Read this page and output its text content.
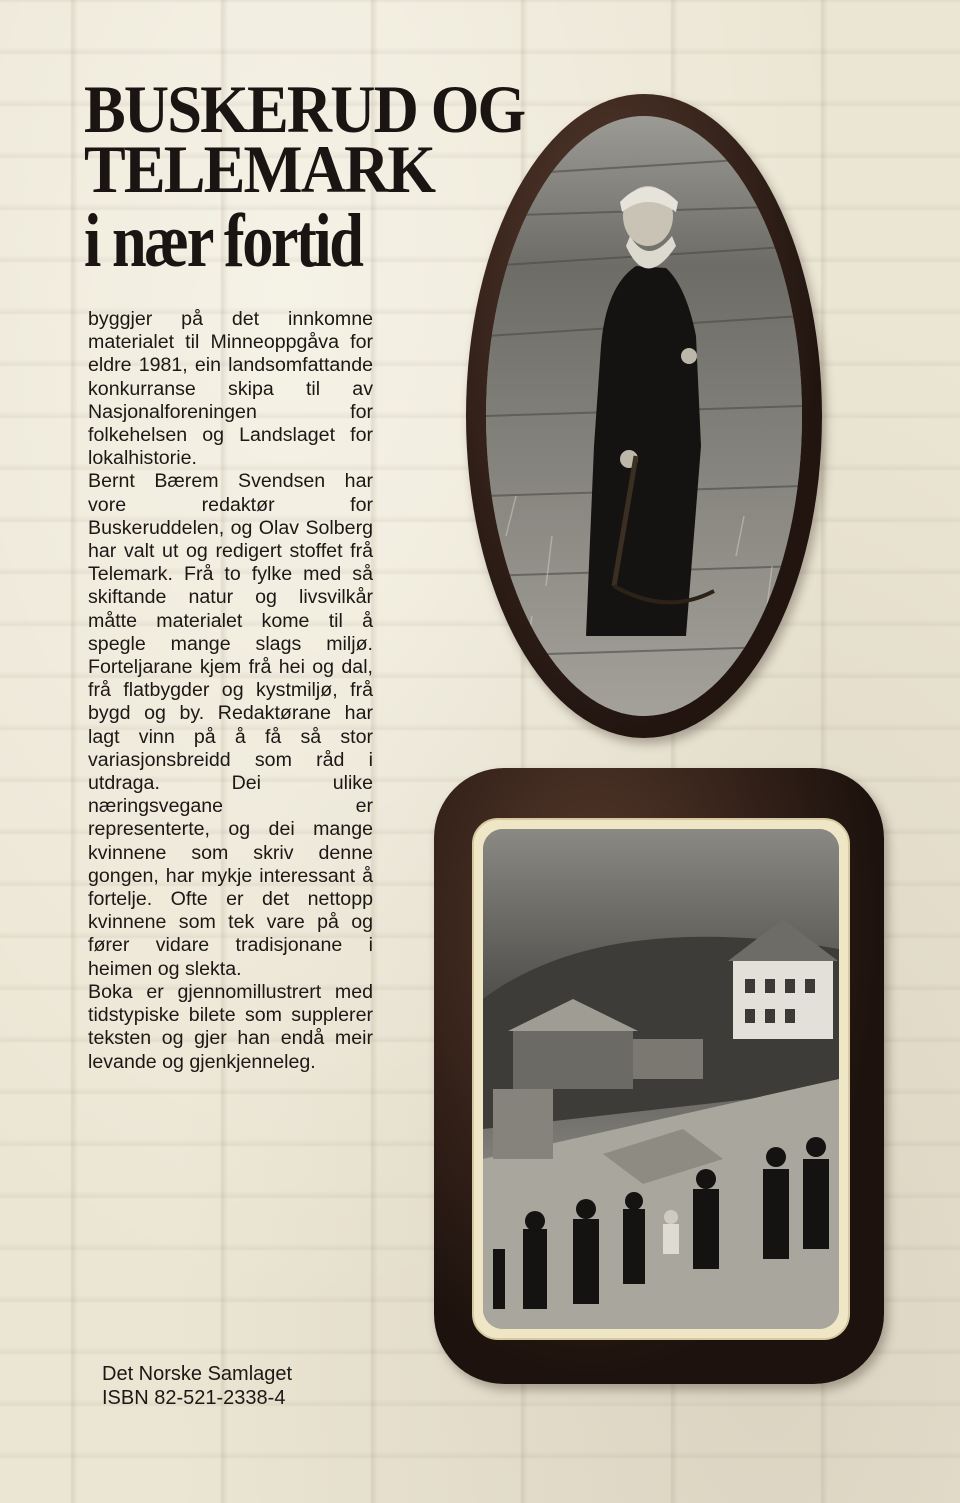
BUSKERUD OG
TELEMARK
i nær fortid

byggjer på det innkomne materialet til Minneoppgåva for eldre 1981, ein landsomfattande konkurranse skipa til av Nasjonalforeningen for folkehelsen og Landslaget for lokalhistorie.

Bernt Bærem Svendsen har vore redaktør for Buskeruddelen, og Olav Solberg har valt ut og redigert stoffet frå Telemark. Frå to fylke med så skiftande natur og livsvilkår måtte materialet kome til å spegle mange slags miljø. Forteljarane kjem frå hei og dal, frå flatbygder og kystmiljø, frå bygd og by. Redaktørane har lagt vinn på å få så stor variasjonsbreidd som råd i utdraga. Dei ulike næringsvegane er representerte, og dei mange kvinnene som skriv denne gongen, har mykje interessant å fortelje. Ofte er det nettopp kvinnene som tek vare på og fører vidare tradisjonane i heimen og slekta.

Boka er gjennomillustrert med tidstypiske bilete som supplerer teksten og gjer han endå meir levande og gjenkjenneleg.

Det Norske Samlaget
ISBN 82-521-2338-4
